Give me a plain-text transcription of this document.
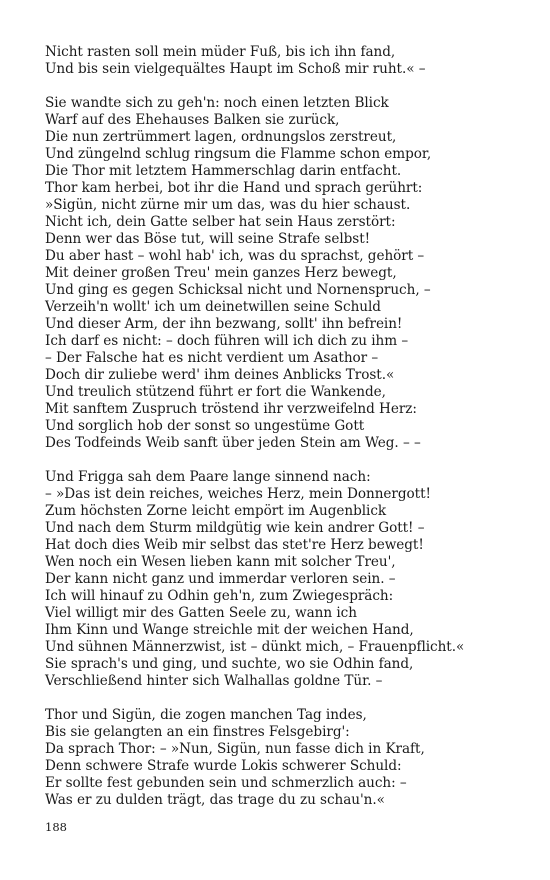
Nicht rasten soll mein müder Fuß, bis ich ihn fand,
Und bis sein vielgequältes Haupt im Schoß mir ruht.« –
Sie wandte sich zu geh'n: noch einen letzten Blick
Warf auf des Ehehauses Balken sie zurück,
Die nun zertrümmert lagen, ordnungslos zerstreut,
Und züngelnd schlug ringsum die Flamme schon empor,
Die Thor mit letztem Hammerschlag darin entfacht.
Thor kam herbei, bot ihr die Hand und sprach gerührt:
»Sigün, nicht zürne mir um das, was du hier schaust.
Nicht ich, dein Gatte selber hat sein Haus zerstört:
Denn wer das Böse tut, will seine Strafe selbst!
Du aber hast – wohl hab' ich, was du sprachst, gehört –
Mit deiner großen Treu' mein ganzes Herz bewegt,
Und ging es gegen Schicksal nicht und Nornenspruch, –
Verzeih'n wollt' ich um deinetwillen seine Schuld
Und dieser Arm, der ihn bezwang, sollt' ihn befrein!
Ich darf es nicht: – doch führen will ich dich zu ihm –
– Der Falsche hat es nicht verdient um Asathor –
Doch dir zuliebe werd' ihm deines Anblicks Trost.«
Und treulich stützend führt er fort die Wankende,
Mit sanftem Zuspruch tröstend ihr verzweifelnd Herz:
Und sorglich hob der sonst so ungestüme Gott
Des Todfeinds Weib sanft über jeden Stein am Weg. – –
Und Frigga sah dem Paare lange sinnend nach:
– »Das ist dein reiches, weiches Herz, mein Donnergott!
Zum höchsten Zorne leicht empört im Augenblick
Und nach dem Sturm mildgütig wie kein andrer Gott! –
Hat doch dies Weib mir selbst das stet're Herz bewegt!
Wen noch ein Wesen lieben kann mit solcher Treu',
Der kann nicht ganz und immerdar verloren sein. –
Ich will hinauf zu Odhin geh'n, zum Zwiegespräch:
Viel willigt mir des Gatten Seele zu, wann ich
Ihm Kinn und Wange streichle mit der weichen Hand,
Und sühnen Männerzwist, ist – dünkt mich, – Frauenpflicht.«
Sie sprach's und ging, und suchte, wo sie Odhin fand,
Verschließend hinter sich Walhallas goldne Tür. –
Thor und Sigün, die zogen manchen Tag indes,
Bis sie gelangten an ein finstres Felsgebirg':
Da sprach Thor: – »Nun, Sigün, nun fasse dich in Kraft,
Denn schwere Strafe wurde Lokis schwerer Schuld:
Er sollte fest gebunden sein und schmerzlich auch: –
Was er zu dulden trägt, das trage du zu schau'n.«
188
